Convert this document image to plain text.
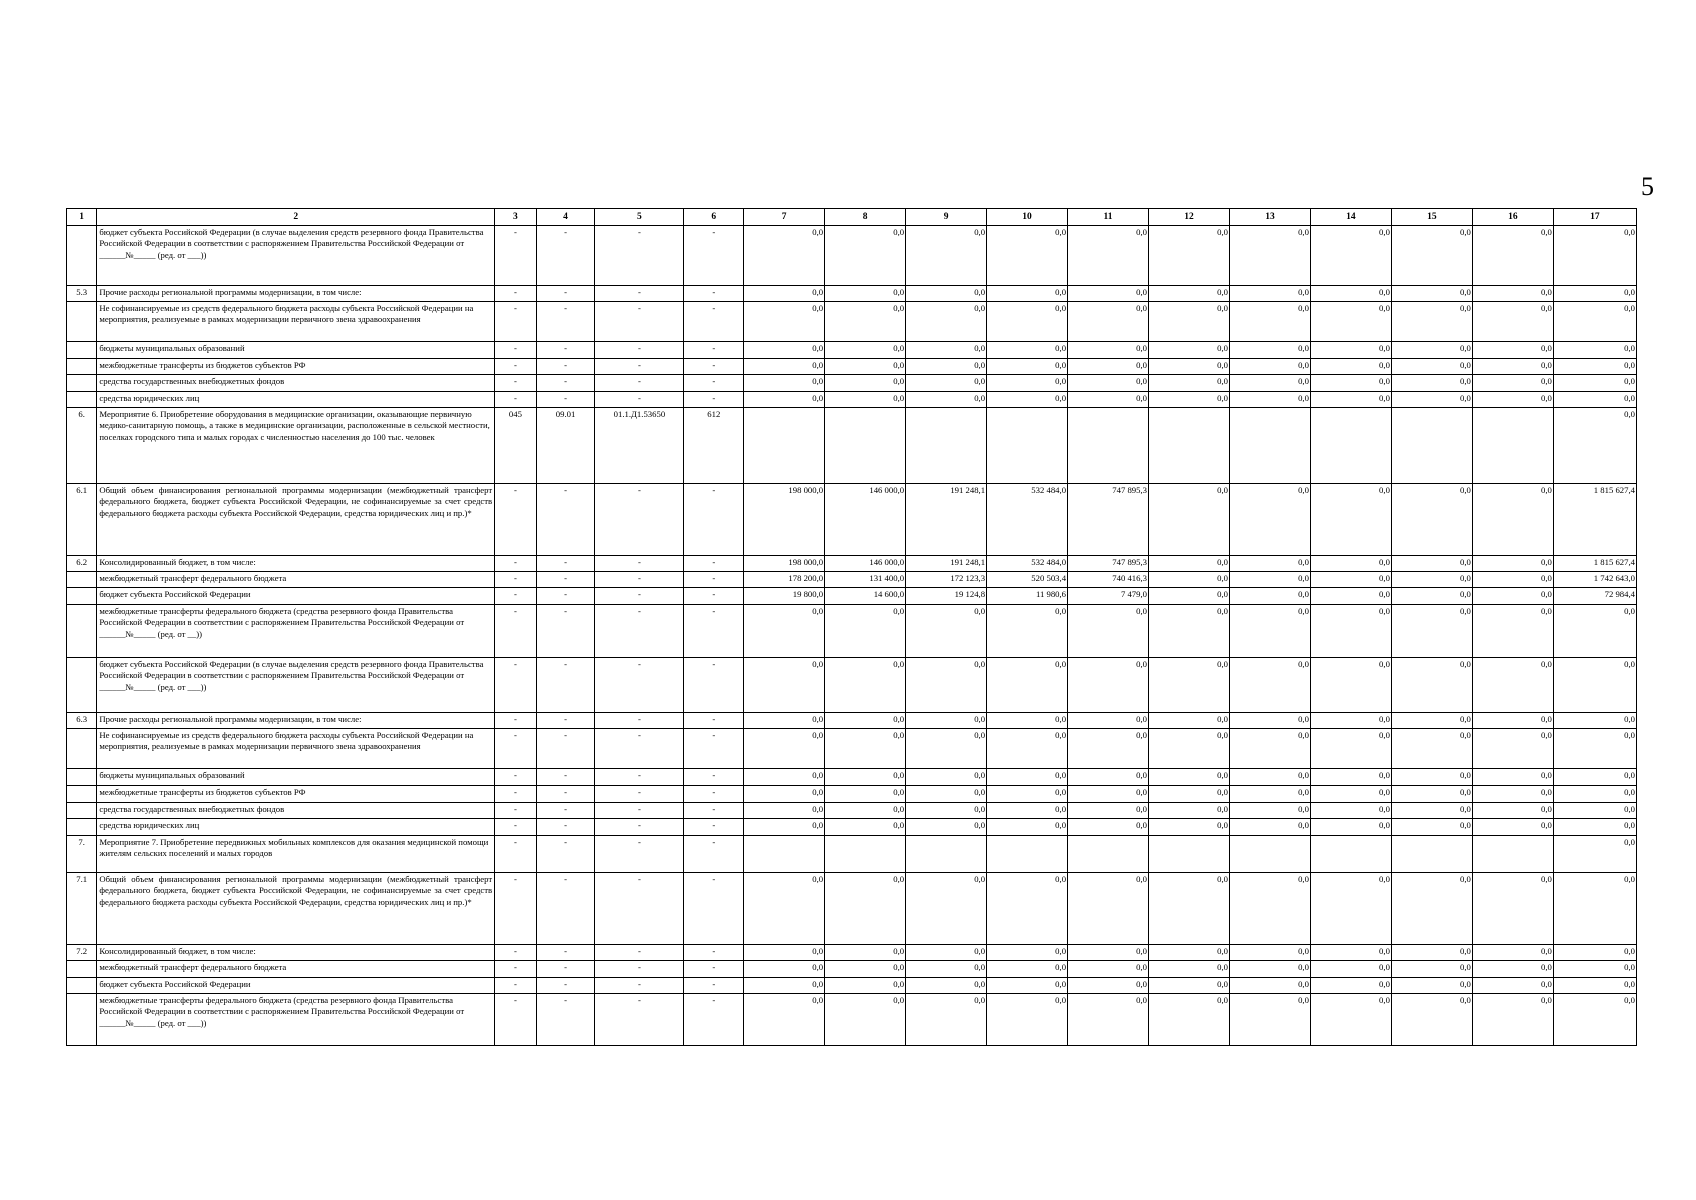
5
1	2	3	4	5	6	7	8	9	10	11	12	13	14	15	16	17
	бюджет субъекта Российской Федерации (в случае выделения средств резервного фонда Правительства Российской Федерации в соответствии с распоряжением Правительства Российской Федерации от ______№_____ (ред. от ___))	-	-	-	-	0,0	0,0	0,0	0,0	0,0	0,0	0,0	0,0	0,0	0,0	0,0
5.3	Прочие расходы региональной программы модернизации, в том числе:	-	-	-	-	0,0	0,0	0,0	0,0	0,0	0,0	0,0	0,0	0,0	0,0	0,0
	Не софинансируемые из средств федерального бюджета расходы субъекта Российской Федерации на мероприятия, реализуемые в рамках модернизации первичного звена здравоохранения	-	-	-	-	0,0	0,0	0,0	0,0	0,0	0,0	0,0	0,0	0,0	0,0	0,0
	бюджеты муниципальных образований	-	-	-	-	0,0	0,0	0,0	0,0	0,0	0,0	0,0	0,0	0,0	0,0	0,0
	межбюджетные трансферты из бюджетов субъектов РФ	-	-	-	-	0,0	0,0	0,0	0,0	0,0	0,0	0,0	0,0	0,0	0,0	0,0
	средства государственных внебюджетных фондов	-	-	-	-	0,0	0,0	0,0	0,0	0,0	0,0	0,0	0,0	0,0	0,0	0,0
	средства юридических лиц	-	-	-	-	0,0	0,0	0,0	0,0	0,0	0,0	0,0	0,0	0,0	0,0	0,0
6.	Мероприятие 6. Приобретение оборудования в медицинские организации, оказывающие первичную медико-санитарную помощь, а также в медицинские организации, расположенные в сельской местности, поселках городского типа и малых городах с численностью населения до 100 тыс. человек	045	09.01	01.1.Д1.53650	612											0,0
6.1	Общий объем финансирования региональной программы модернизации (межбюджетный трансферт федерального бюджета, бюджет субъекта Российской Федерации, не софинансируемые за счет средств федерального бюджета расходы субъекта Российской Федерации, средства юридических лиц и пр.)*	-	-	-	-	198 000,0	146 000,0	191 248,1	532 484,0	747 895,3	0,0	0,0	0,0	0,0	0,0	1 815 627,4
6.2	Консолидированный бюджет, в том числе:	-	-	-	-	198 000,0	146 000,0	191 248,1	532 484,0	747 895,3	0,0	0,0	0,0	0,0	0,0	1 815 627,4
	межбюджетный трансферт федерального бюджета	-	-	-	-	178 200,0	131 400,0	172 123,3	520 503,4	740 416,3	0,0	0,0	0,0	0,0	0,0	1 742 643,0
	бюджет субъекта Российской Федерации	-	-	-	-	19 800,0	14 600,0	19 124,8	11 980,6	7 479,0	0,0	0,0	0,0	0,0	0,0	72 984,4
	межбюджетные трансферты федерального бюджета (средства резервного фонда Правительства Российской Федерации в соответствии с распоряжением Правительства Российской Федерации от ______№_____ (ред. от __))	-	-	-	-	0,0	0,0	0,0	0,0	0,0	0,0	0,0	0,0	0,0	0,0	0,0
	бюджет субъекта Российской Федерации (в случае выделения средств резервного фонда Правительства Российской Федерации в соответствии с распоряжением Правительства Российской Федерации от ______№_____ (ред. от ___))	-	-	-	-	0,0	0,0	0,0	0,0	0,0	0,0	0,0	0,0	0,0	0,0	0,0
6.3	Прочие расходы региональной программы модернизации, в том числе:	-	-	-	-	0,0	0,0	0,0	0,0	0,0	0,0	0,0	0,0	0,0	0,0	0,0
	Не софинансируемые из средств федерального бюджета расходы субъекта Российской Федерации на мероприятия, реализуемые в рамках модернизации первичного звена здравоохранения	-	-	-	-	0,0	0,0	0,0	0,0	0,0	0,0	0,0	0,0	0,0	0,0	0,0
	бюджеты муниципальных образований	-	-	-	-	0,0	0,0	0,0	0,0	0,0	0,0	0,0	0,0	0,0	0,0	0,0
	межбюджетные трансферты из бюджетов субъектов РФ	-	-	-	-	0,0	0,0	0,0	0,0	0,0	0,0	0,0	0,0	0,0	0,0	0,0
	средства государственных внебюджетных фондов	-	-	-	-	0,0	0,0	0,0	0,0	0,0	0,0	0,0	0,0	0,0	0,0	0,0
	средства юридических лиц	-	-	-	-	0,0	0,0	0,0	0,0	0,0	0,0	0,0	0,0	0,0	0,0	0,0
7.	Мероприятие 7. Приобретение передвижных мобильных комплексов для оказания медицинской помощи жителям сельских поселений и малых городов	-	-	-	-											0,0
7.1	Общий объем финансирования региональной программы модернизации (межбюджетный трансферт федерального бюджета, бюджет субъекта Российской Федерации, не софинансируемые за счет средств федерального бюджета расходы субъекта Российской Федерации, средства юридических лиц и пр.)*	-	-	-	-	0,0	0,0	0,0	0,0	0,0	0,0	0,0	0,0	0,0	0,0	0,0
7.2	Консолидированный бюджет, в том числе:	-	-	-	-	0,0	0,0	0,0	0,0	0,0	0,0	0,0	0,0	0,0	0,0	0,0
	межбюджетный трансферт федерального бюджета	-	-	-	-	0,0	0,0	0,0	0,0	0,0	0,0	0,0	0,0	0,0	0,0	0,0
	бюджет субъекта Российской Федерации	-	-	-	-	0,0	0,0	0,0	0,0	0,0	0,0	0,0	0,0	0,0	0,0	0,0
	межбюджетные трансферты федерального бюджета (средства резервного фонда Правительства Российской Федерации в соответствии с распоряжением Правительства Российской Федерации от ______№_____ (ред. от ___))	-	-	-	-	0,0	0,0	0,0	0,0	0,0	0,0	0,0	0,0	0,0	0,0	0,0
